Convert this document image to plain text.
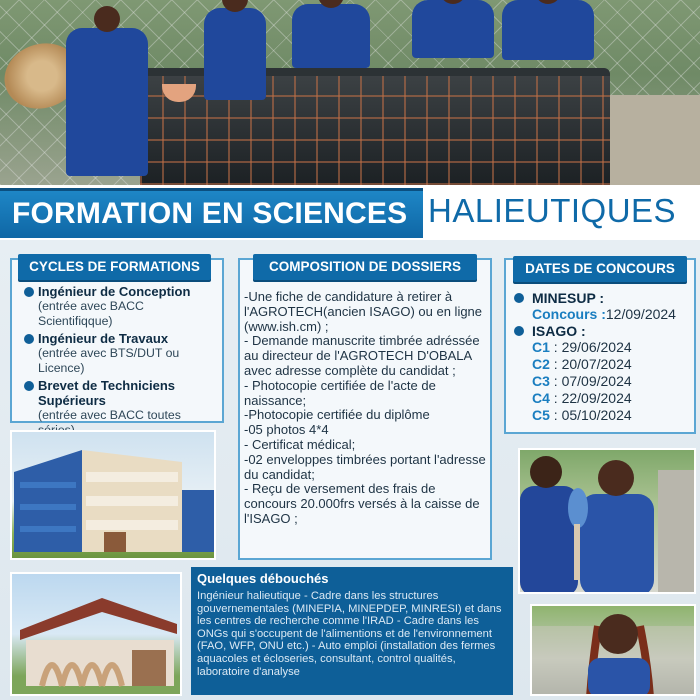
FORMATION EN SCIENCES HALIEUTIQUES
CYCLES DE FORMATIONS
Ingénieur de Conception
(entrée avec BACC Scientifiqque)
Ingénieur de Travaux
(entrée avec BTS/DUT ou Licence)
Brevet de Techniciens Supérieurs
(entrée avec BACC toutes
COMPOSITION DE DOSSIERS

-Une fiche de candidature à retirer à l'AGROTECH(ancien ISAGO) ou en ligne (www.ish.cm) ;

- Demande manuscrite timbrée adréssée au directeur de l'AGROTECH D'OBALA avec adresse complète du candidat ;

- Photocopie certifiée de l'acte de naissance;

-Photocopie certifiée du diplôme

-05 photos 4*4

- Certificat médical;

-02 enveloppes timbrées portant l'adresse du candidat;

- Reçu de versement des frais de concours 20.000frs versés à la caisse de l'ISAGO ;

DATES DE CONCOURS
MINESUP :
Concours :12/09/2024
ISAGO :
C1 : 29/06/2024
C2 : 20/07/2024
C3 : 07/09/2024
C4 : 22/09/2024
C5 : 05/10/2024
Quelques débouchés

Ingénieur halieutique - Cadre dans les structures gouvernementales (MINEPIA, MINEPDEP, MINRESI) et dans les centres de recherche comme l'IRAD - Cadre dans les ONGs qui s'occupent de l'alimentions et de l'environnement (FAO, WFP, ONU etc.) - Auto emploi (installation des fermes aquacoles et écloseries, consultant, control qualités, laboratoire d'analyse
